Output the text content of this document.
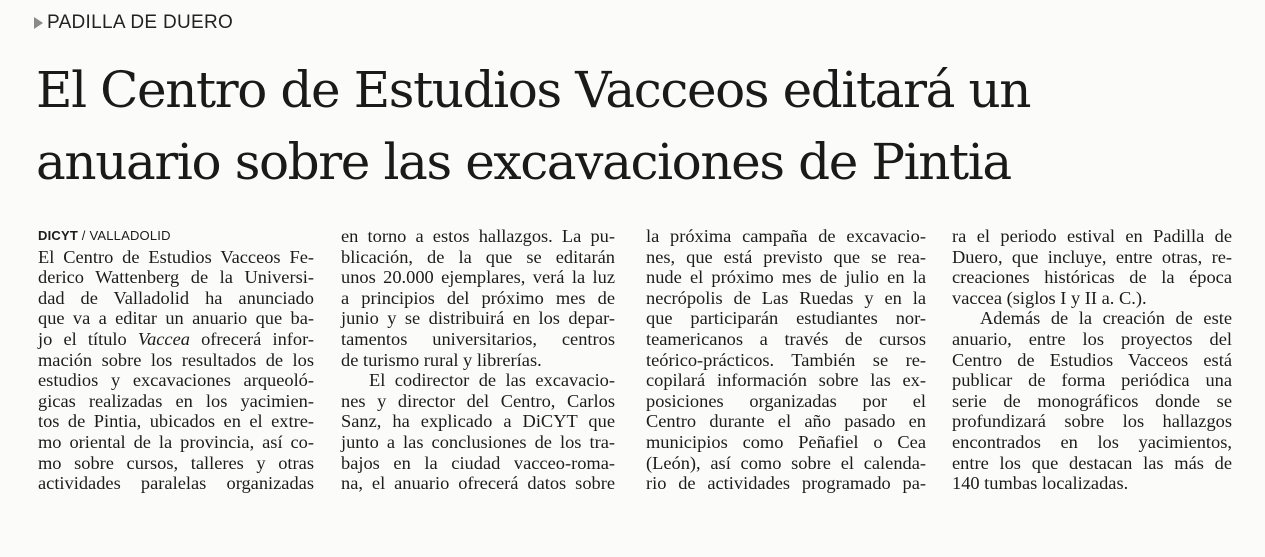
PADILLA DE DUERO
El Centro de Estudios Vacceos editará un
anuario sobre las excavaciones de Pintia
DICYT / VALLADOLID
El Centro de Estudios Vacceos Fe-
derico Wattenberg de la Universi-
dad de Valladolid ha anunciado
que va a editar un anuario que ba-
jo el título Vaccea ofrecerá infor-
mación sobre los resultados de los
estudios y excavaciones arqueoló-
gicas realizadas en los yacimien-
tos de Pintia, ubicados en el extre-
mo oriental de la provincia, así co-
mo sobre cursos, talleres y otras
actividades paralelas organizadas
en torno a estos hallazgos. La pu-
blicación, de la que se editarán
unos 20.000 ejemplares, verá la luz
a principios del próximo mes de
junio y se distribuirá en los depar-
tamentos universitarios, centros
de turismo rural y librerías.
El codirector de las excavacio-
nes y director del Centro, Carlos
Sanz, ha explicado a DiCYT que
junto a las conclusiones de los tra-
bajos en la ciudad vacceo-roma-
na, el anuario ofrecerá datos sobre
la próxima campaña de excavacio-
nes, que está previsto que se rea-
nude el próximo mes de julio en la
necrópolis de Las Ruedas y en la
que participarán estudiantes nor-
teamericanos a través de cursos
teórico-prácticos. También se re-
copilará información sobre las ex-
posiciones organizadas por el
Centro durante el año pasado en
municipios como Peñafiel o Cea
(León), así como sobre el calenda-
rio de actividades programado pa-
ra el periodo estival en Padilla de
Duero, que incluye, entre otras, re-
creaciones históricas de la época
vaccea (siglos I y II a. C.).
Además de la creación de este
anuario, entre los proyectos del
Centro de Estudios Vacceos está
publicar de forma periódica una
serie de monográficos donde se
profundizará sobre los hallazgos
encontrados en los yacimientos,
entre los que destacan las más de
140 tumbas localizadas.
